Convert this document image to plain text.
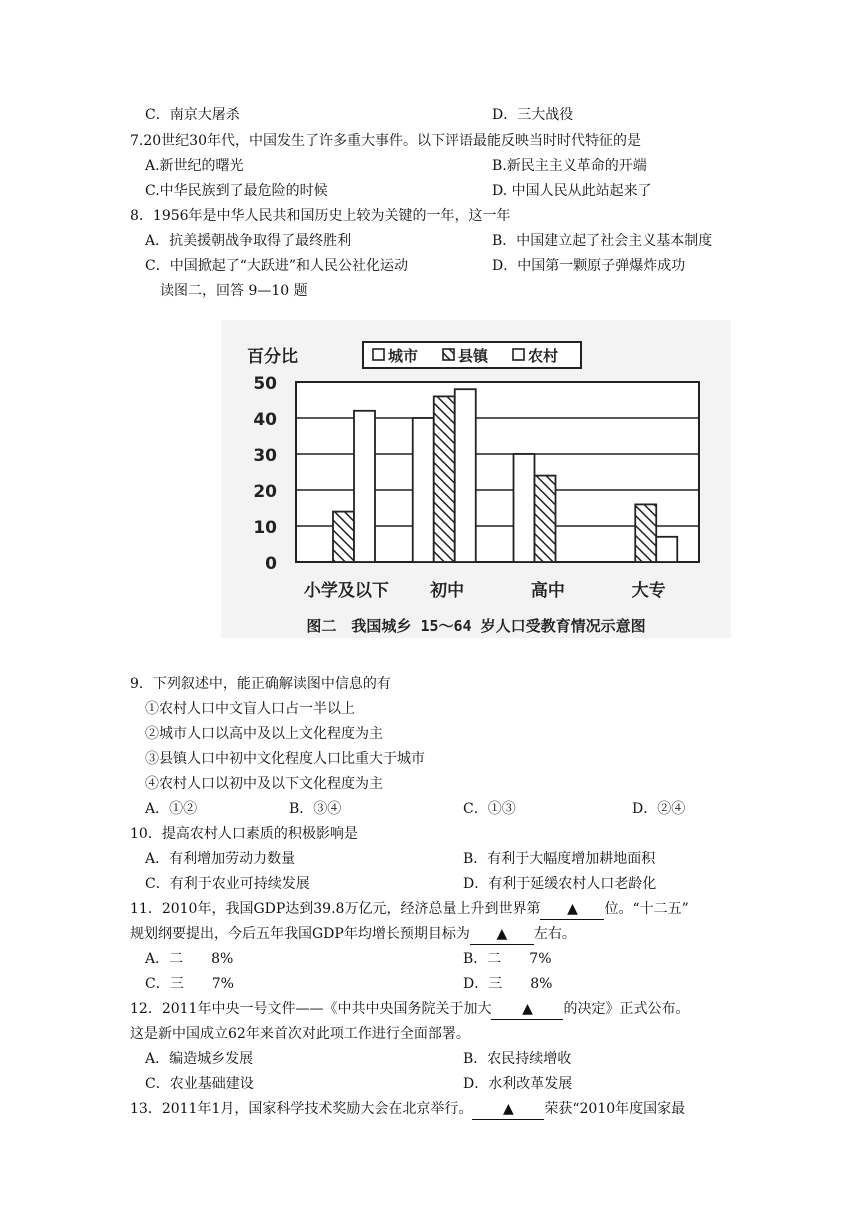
C．南京大屠杀	D．三大战役
7.20世纪30年代，中国发生了许多重大事件。以下评语最能反映当时时代特征的是
A.新世纪的曙光	B.新民主主义革命的开端
C.中华民族到了最危险的时候	D. 中国人民从此站起来了
8．1956年是中华人民共和国历史上较为关键的一年，这一年
A．抗美援朝战争取得了最终胜利	B．中国建立起了社会主义基本制度
C．中国掀起了“大跃进”和人民公社化运动	D．中国第一颗原子弹爆炸成功
读图二，回答 9—10 题
0
10
20
30
40
50
小学及以下 初中	高中	大专
百分比
图二　我国城乡 15～64 岁人口受教育情况示意图
城市	县镇	农村
9．下列叙述中，能正确解读图中信息的有
①农村人口中文盲人口占一半以上
②城市人口以高中及以上文化程度为主
③县镇人口中初中文化程度人口比重大于城市
④农村人口以初中及以下文化程度为主
A．①②	B．③④	C．①③	D．②④
10．提高农村人口素质的积极影响是
A．有利增加劳动力数量	B．有利于大幅度增加耕地面积
C．有利于农业可持续发展	D．有利于延缓农村人口老龄化
11．2010年，我国GDP达到39.8万亿元，经济总量上升到世界第 ▲ 位。“十二五”
规划纲要提出，今后五年我国GDP年均增长预期目标为 ▲ 左右。
A．二　　8%	B．二　　7%
C．三　　7%	D．三　　8%
12．2011年中央一号文件——《中共中央国务院关于加大 ▲ 的决定》正式公布。
这是新中国成立62年来首次对此项工作进行全面部署。
A．编造城乡发展	B．农民持续增收
C．农业基础建设	D．水利改革发展
13．2011年1月，国家科学技术奖励大会在北京举行。 ▲ 荣获“2010年度国家最
